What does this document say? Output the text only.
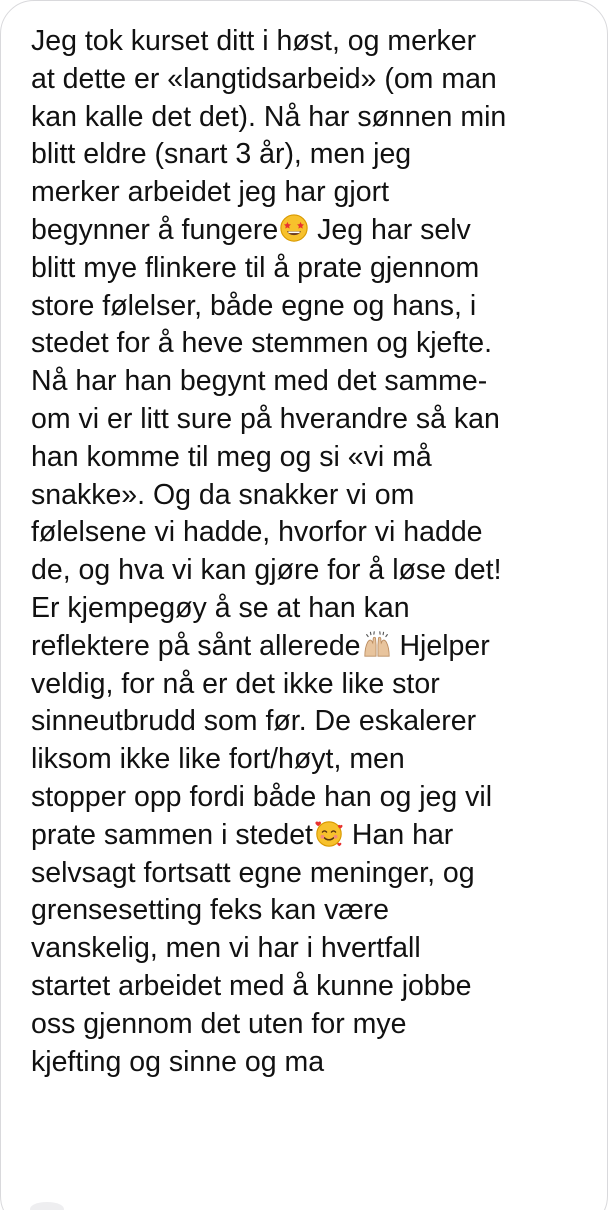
Jeg tok kurset ditt i høst, og merker
at dette er «langtidsarbeid» (om man
kan kalle det det). Nå har sønnen min
blitt eldre (snart 3 år), men jeg
merker arbeidet jeg har gjort
begynner å fungere Jeg har selv
blitt mye flinkere til å prate gjennom
store følelser, både egne og hans, i
stedet for å heve stemmen og kjefte.
Nå har han begynt med det samme-
om vi er litt sure på hverandre så kan
han komme til meg og si «vi må
snakke». Og da snakker vi om
følelsene vi hadde, hvorfor vi hadde
de, og hva vi kan gjøre for å løse det!
Er kjempegøy å se at han kan
reflektere på sånt allerede Hjelper
veldig, for nå er det ikke like stor
sinneutbrudd som før. De eskalerer
liksom ikke like fort/høyt, men
stopper opp fordi både han og jeg vil
prate sammen i stedet Han har
selvsagt fortsatt egne meninger, og
grensesetting feks kan være
vanskelig, men vi har i hvertfall
startet arbeidet med å kunne jobbe
oss gjennom det uten for mye
kjefting og sinne og ma
